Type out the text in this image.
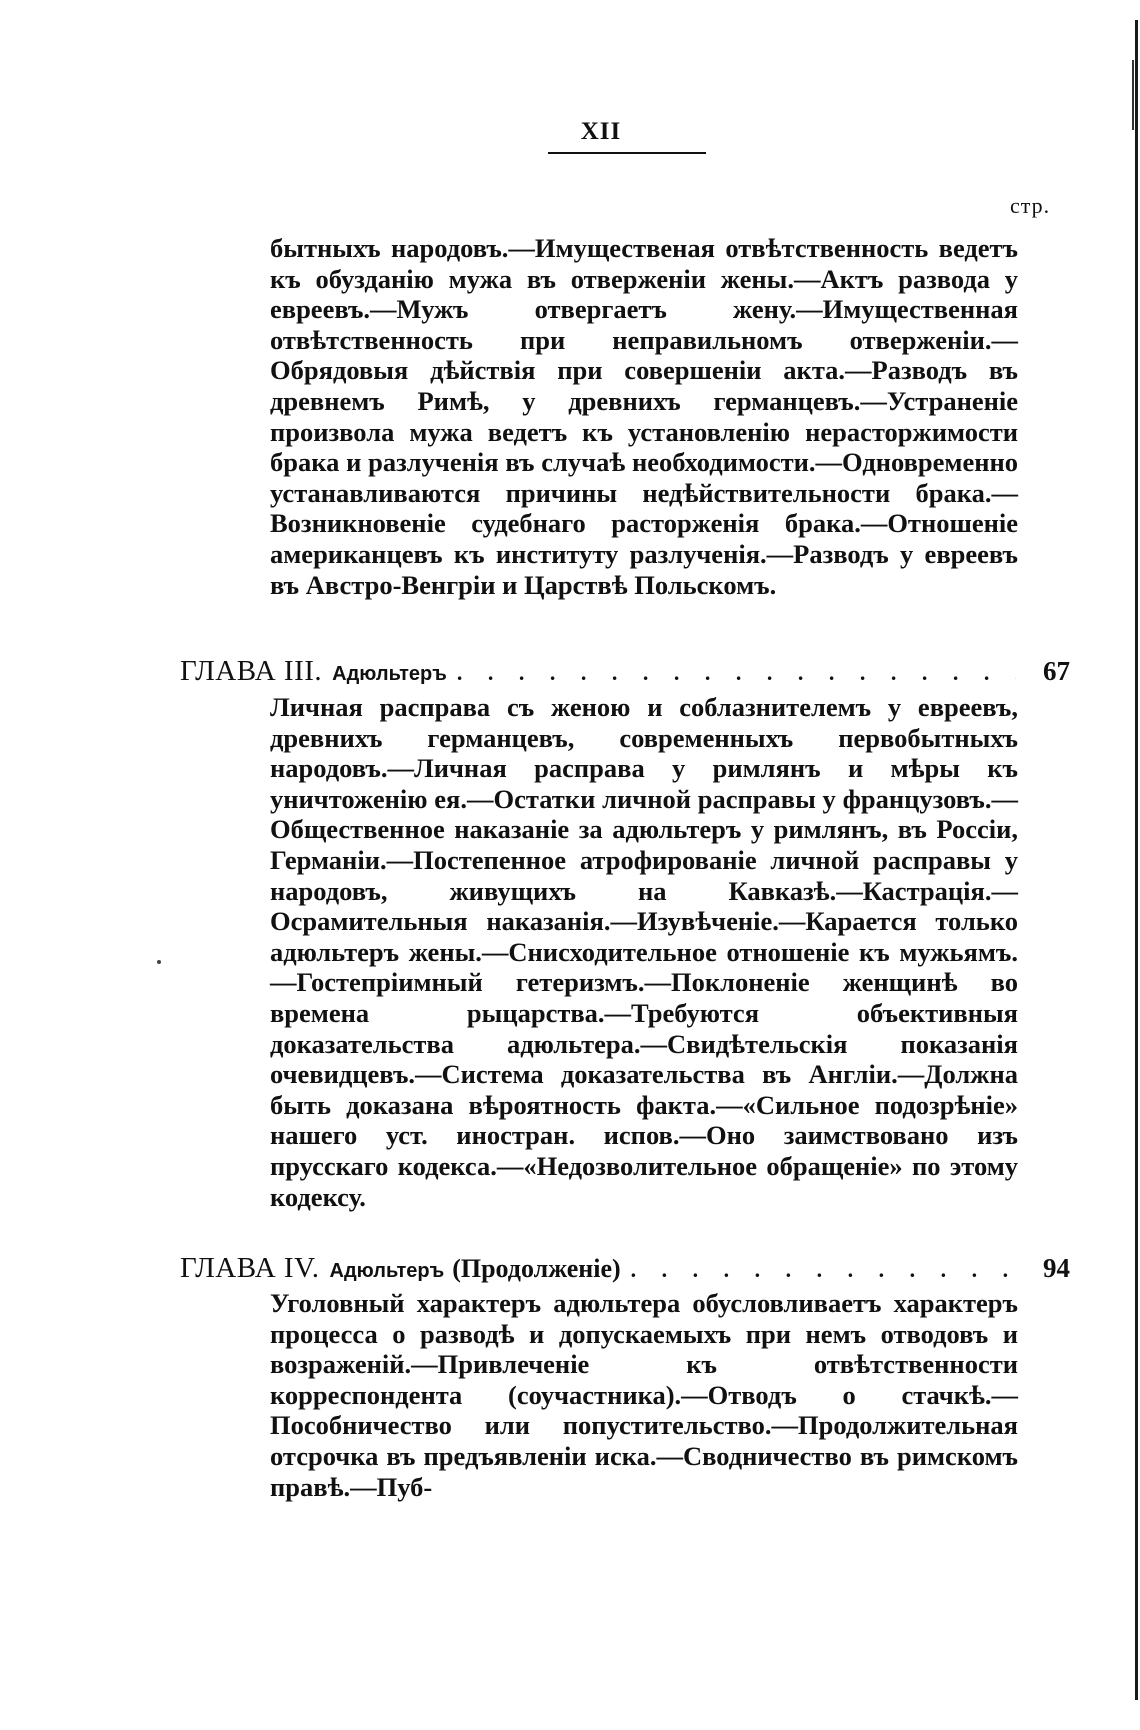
XII
стр.

бытныхъ народовъ.—Имущественая отвѣтственность ведетъ къ обузданію мужа въ отверженіи жены.—Актъ развода у евреевъ.—Мужъ отвергаетъ жену.—Имущественная отвѣтственность при неправильномъ отверженіи.—Обрядовыя дѣйствія при совершеніи акта.—Разводъ въ древнемъ Римѣ, у древнихъ германцевъ.—Устраненіе произвола мужа ведетъ къ установленію нерасторжимости брака и разлученія въ случаѣ необходимости.—Одновременно устанавливаются причины недѣйствительности брака.—Возникновеніе судебнаго расторженія брака.—Отношеніе американцевъ къ институту разлученія.—Разводъ у евреевъ въ Австро-Венгріи и Царствѣ Польскомъ.

ГЛАВА III. Адюльтеръ . . .	67

Личная расправа съ женою и соблазнителемъ у евреевъ, древнихъ германцевъ, современныхъ первобытныхъ народовъ.—Личная расправа у римлянъ и мѣры къ уничтоженію ея.—Остатки личной расправы у французовъ.—Общественное наказаніе за адюльтеръ у римлянъ, въ Россіи, Германіи.—Постепенное атрофированіе личной расправы у народовъ, живущихъ на Кавказѣ.—Кастрація.—Осрамительныя наказанія.—Изувѣченіе.—Карается только адюльтеръ жены.—Снисходительное отношеніе къ мужьямъ.—Гостепріимный гетеризмъ.—Поклоненіе женщинѣ во времена рыцарства.—Требуются объективныя доказательства адюльтера.—Свидѣтельскія показанія очевидцевъ.—Система доказательства въ Англіи.—Должна быть доказана вѣроятность факта.—«Сильное подозрѣніе» нашего уст. иностран. испов.—Оно заимствовано изъ прусскаго кодекса.—«Недозволительное обращеніе» по этому кодексу.

ГЛАВА IV. Адюльтеръ (Продолженіе) . . .	94

Уголовный характеръ адюльтера обусловливаетъ характеръ процесса о разводѣ и допускаемыхъ при немъ отводовъ и возраженій.—Привлеченіе къ отвѣтственности корреспондента (соучастника).—Отводъ о стачкѣ.—Пособничество или попустительство.—Продолжительная отсрочка въ предъявленіи иска.—Сводничество въ римскомъ правѣ.—Пуб-
